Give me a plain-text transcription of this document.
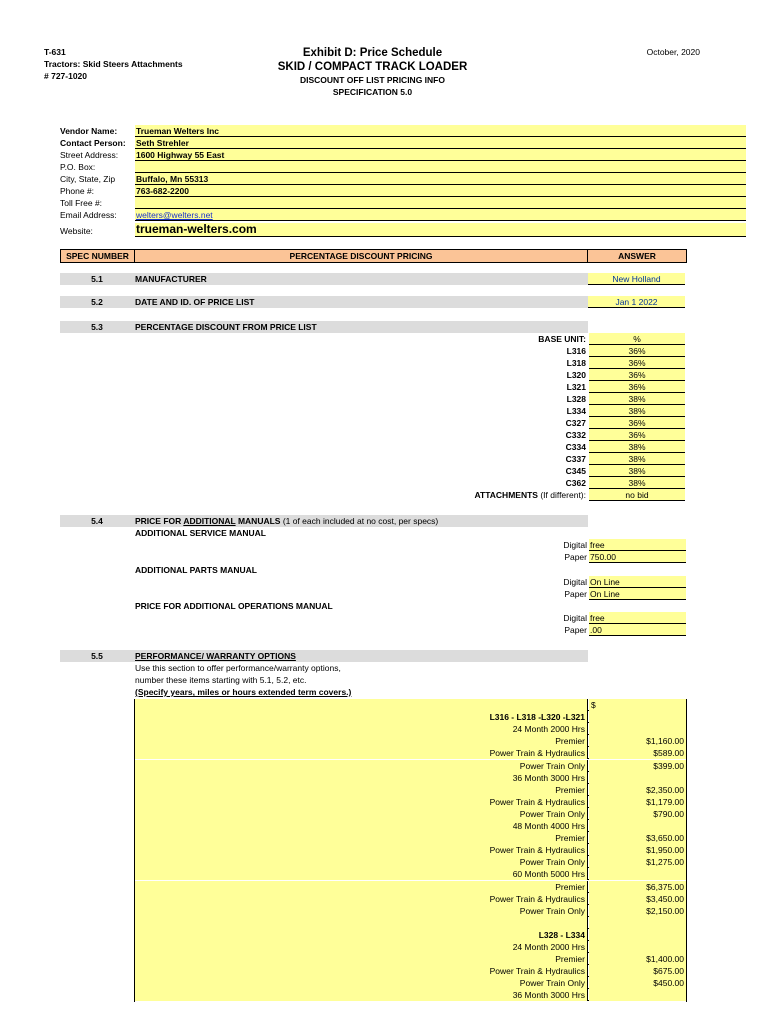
T-631
Tractors: Skid Steers Attachments
# 727-1020
Exhibit D: Price Schedule
SKID / COMPACT TRACK LOADER
DISCOUNT OFF LIST PRICING INFO
SPECIFICATION 5.0
October, 2020
Vendor Name:	Trueman Welters Inc
Contact Person:	Seth Strehler
Street Address:	1600 Highway 55 East
P.O. Box:
City, State, Zip	Buffalo, Mn 55313
Phone #:	763-682-2200
Toll Free #:
Email Address:	welters@welters.net
Website:	trueman-welters.com
SPEC NUMBER	PERCENTAGE DISCOUNT PRICING	ANSWER
5.1	MANUFACTURER	New Holland
5.2	DATE AND ID. OF PRICE LIST	Jan 1 2022
5.3	PERCENTAGE DISCOUNT FROM PRICE LIST
BASE UNIT:	%
L316	36%
L318	36%
L320	36%
L321	36%
L328	38%
L334	38%
C327	36%
C332	36%
C334	38%
C337	38%
C345	38%
C362	38%
ATTACHMENTS (If different):	no bid
5.4	PRICE FOR ADDITIONAL MANUALS (1 of each included at no cost, per specs)
ADDITIONAL SERVICE MANUAL
Digital free
Paper 750.00
ADDITIONAL PARTS MANUAL
Digital On Line
Paper On Line
PRICE FOR ADDITIONAL OPERATIONS MANUAL
Digital free
Paper .00
5.5	PERFORMANCE/ WARRANTY OPTIONS
Use this section to offer performance/warranty options,
number these items starting with 5.1, 5.2, etc.
(Specify years, miles or hours extended term covers.)
$
L316 - L318 -L320 -L321
24 Month 2000 Hrs
Premier	$1,160.00
Power Train & Hydraulics	$589.00
Power Train Only	$399.00
36 Month 3000 Hrs
Premier	$2,350.00
Power Train & Hydraulics	$1,179.00
Power Train Only	$790.00
48 Month 4000 Hrs
Premier	$3,650.00
Power Train & Hydraulics	$1,950.00
Power Train Only	$1,275.00
60 Month 5000 Hrs
Premier	$6,375.00
Power Train & Hydraulics	$3,450.00
Power Train Only	$2,150.00
L328 - L334
24 Month 2000 Hrs
Premier	$1,400.00
Power Train & Hydraulics	$675.00
Power Train Only	$450.00
36 Month 3000 Hrs
